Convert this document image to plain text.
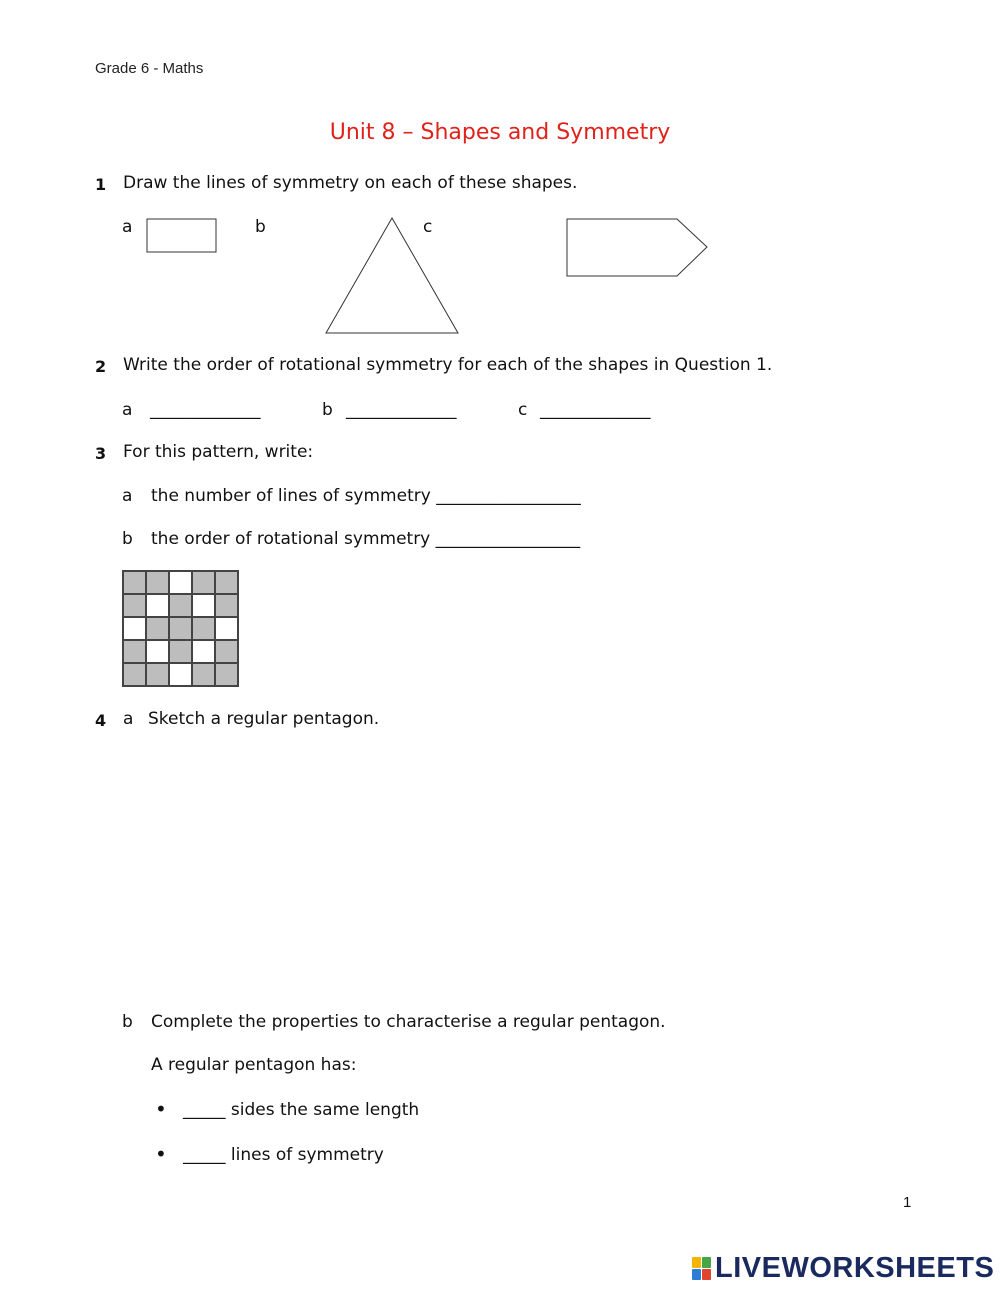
Grade 6 - Maths
Unit 8 – Shapes and Symmetry
1 Draw the lines of symmetry on each of these shapes.
a	b	c
2 Write the order of rotational symmetry for each of the shapes in Question 1.
a _____________	b _____________	c _____________
3 For this pattern, write:
a the number of lines of symmetry _________________
b the order of rotational symmetry _________________
4 a Sketch a regular pentagon.
b Complete the properties to characterise a regular pentagon.
A regular pentagon has:
• _____ sides the same length
• _____ lines of symmetry
1
LIVEWORKSHEETS
